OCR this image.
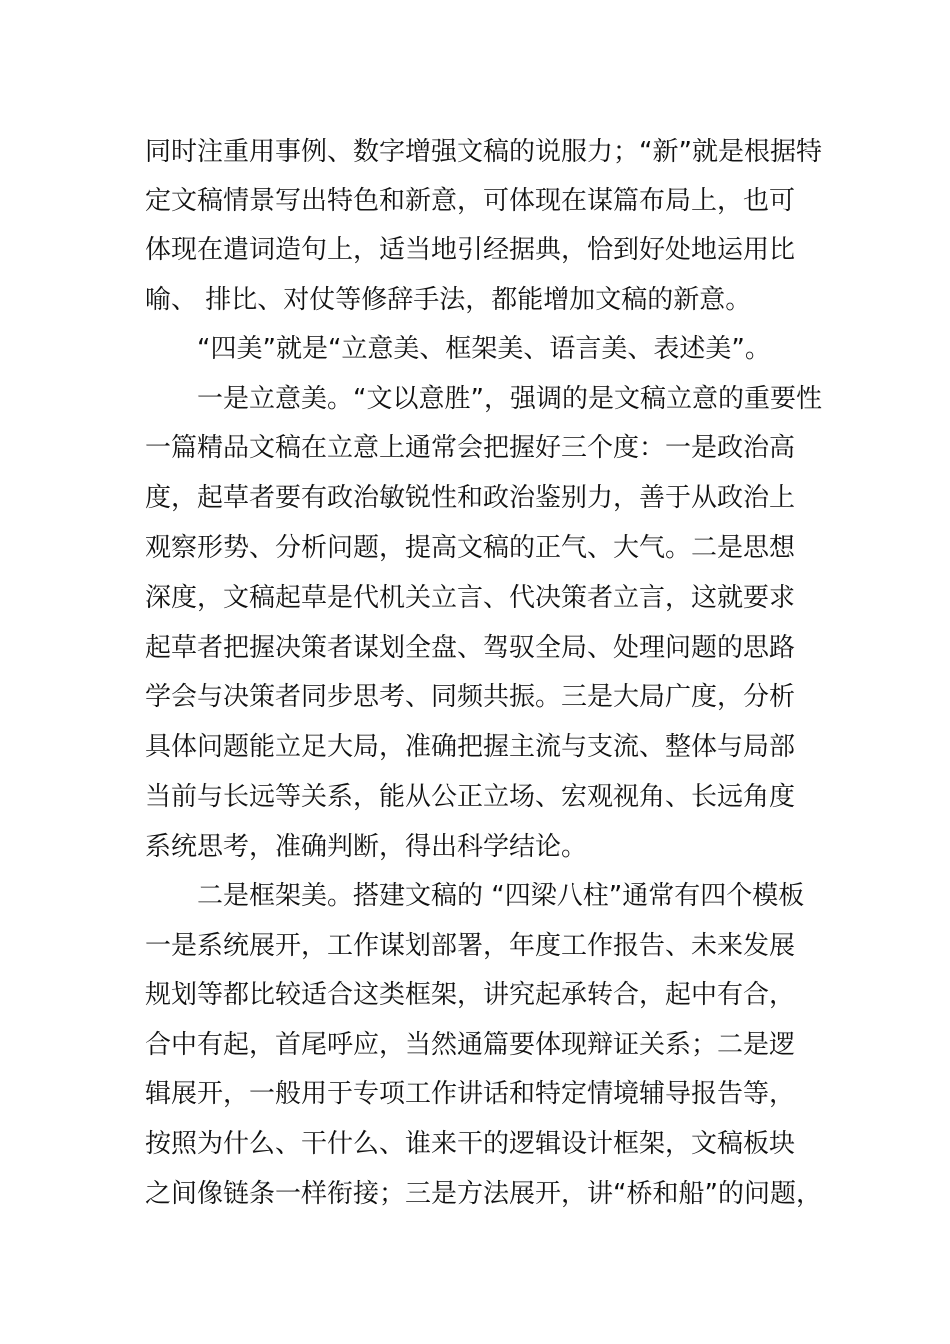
同时注重用事例、数字增强文稿的说服力；“新”就是根据特
定文稿情景写出特色和新意，可体现在谋篇布局上，也可
体现在遣词造句上，适当地引经据典，恰到好处地运用比
喻、 排比、对仗等修辞手法，都能增加文稿的新意。
“四美”就是“立意美、框架美、语言美、表述美”。
一是立意美。“文以意胜”，强调的是文稿立意的重要性
一篇精品文稿在立意上通常会把握好三个度：一是政治高
度，起草者要有政治敏锐性和政治鉴别力，善于从政治上
观察形势、分析问题，提高文稿的正气、大气。二是思想
深度，文稿起草是代机关立言、代决策者立言，这就要求
起草者把握决策者谋划全盘、驾驭全局、处理问题的思路
学会与决策者同步思考、同频共振。三是大局广度，分析
具体问题能立足大局，准确把握主流与支流、整体与局部
当前与长远等关系，能从公正立场、宏观视角、长远角度
系统思考，准确判断，得出科学结论。
二是框架美。搭建文稿的 “四梁八柱”通常有四个模板
一是系统展开，工作谋划部署，年度工作报告、未来发展
规划等都比较适合这类框架，讲究起承转合，起中有合，
合中有起，首尾呼应，当然通篇要体现辩证关系；二是逻
辑展开，一般用于专项工作讲话和特定情境辅导报告等，
按照为什么、干什么、谁来干的逻辑设计框架，文稿板块
之间像链条一样衔接；三是方法展开，讲“桥和船”的问题，
